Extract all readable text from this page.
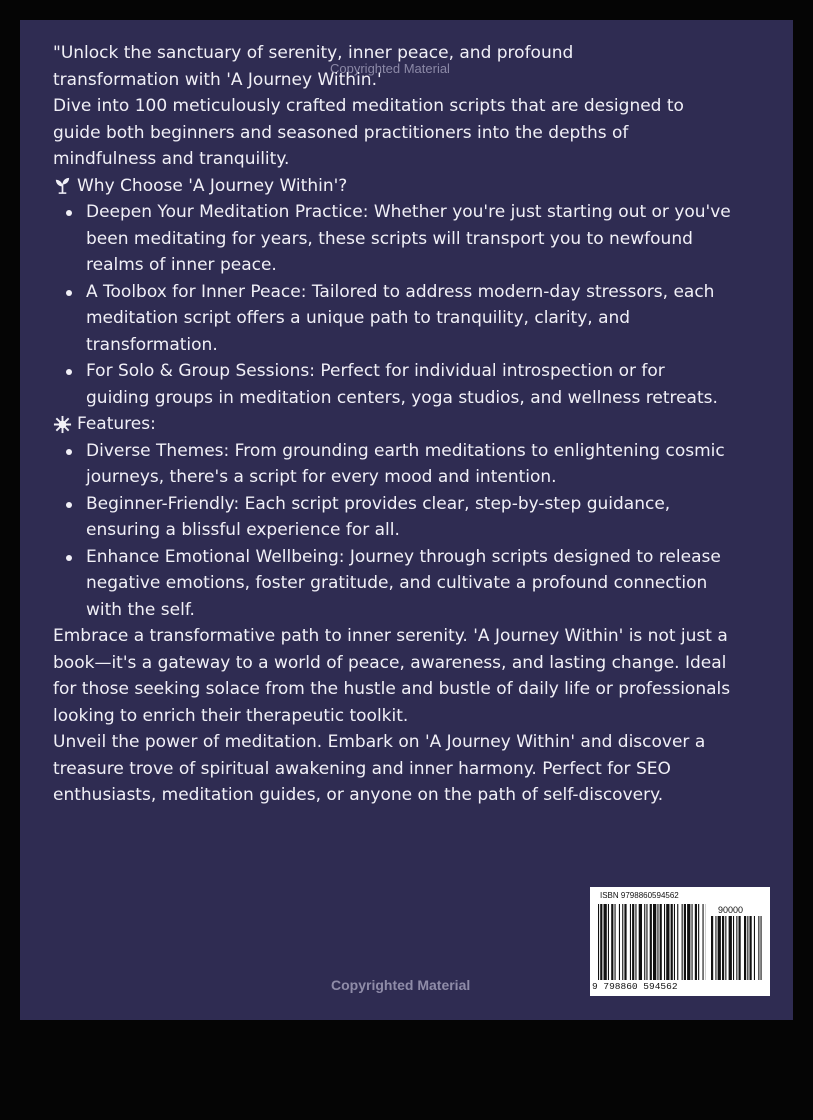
Copyrighted Material

"Unlock the sanctuary of serenity, inner peace, and profound

transformation with 'A Journey Within.'

Dive into 100 meticulously crafted meditation scripts that are designed to guide both beginners and seasoned practitioners into the depths of mindfulness and tranquility.

Why Choose 'A Journey Within'?
Deepen Your Meditation Practice: Whether you're just starting out or you've been meditating for years, these scripts will transport you to newfound realms of inner peace.
A Toolbox for Inner Peace: Tailored to address modern-day stressors, each meditation script offers a unique path to tranquility, clarity, and transformation.
For Solo & Group Sessions: Perfect for individual introspection or for guiding groups in meditation centers, yoga studios, and wellness retreats.
Features:
Diverse Themes: From grounding earth meditations to enlightening cosmic journeys, there's a script for every mood and intention.
Beginner-Friendly: Each script provides clear, step-by-step guidance, ensuring a blissful experience for all.
Enhance Emotional Wellbeing: Journey through scripts designed to release negative emotions, foster gratitude, and cultivate a profound connection with the self.

Embrace a transformative path to inner serenity. 'A Journey Within' is not just a book—it's a gateway to a world of peace, awareness, and lasting change. Ideal for those seeking solace from the hustle and bustle of daily life or professionals looking to enrich their therapeutic toolkit.

Unveil the power of meditation. Embark on 'A Journey Within' and discover a treasure trove of spiritual awakening and inner harmony. Perfect for SEO enthusiasts, meditation guides, or anyone on the path of self-discovery.

Copyrighted Material
ISBN 9798860594562
90000
9 798860 594562
